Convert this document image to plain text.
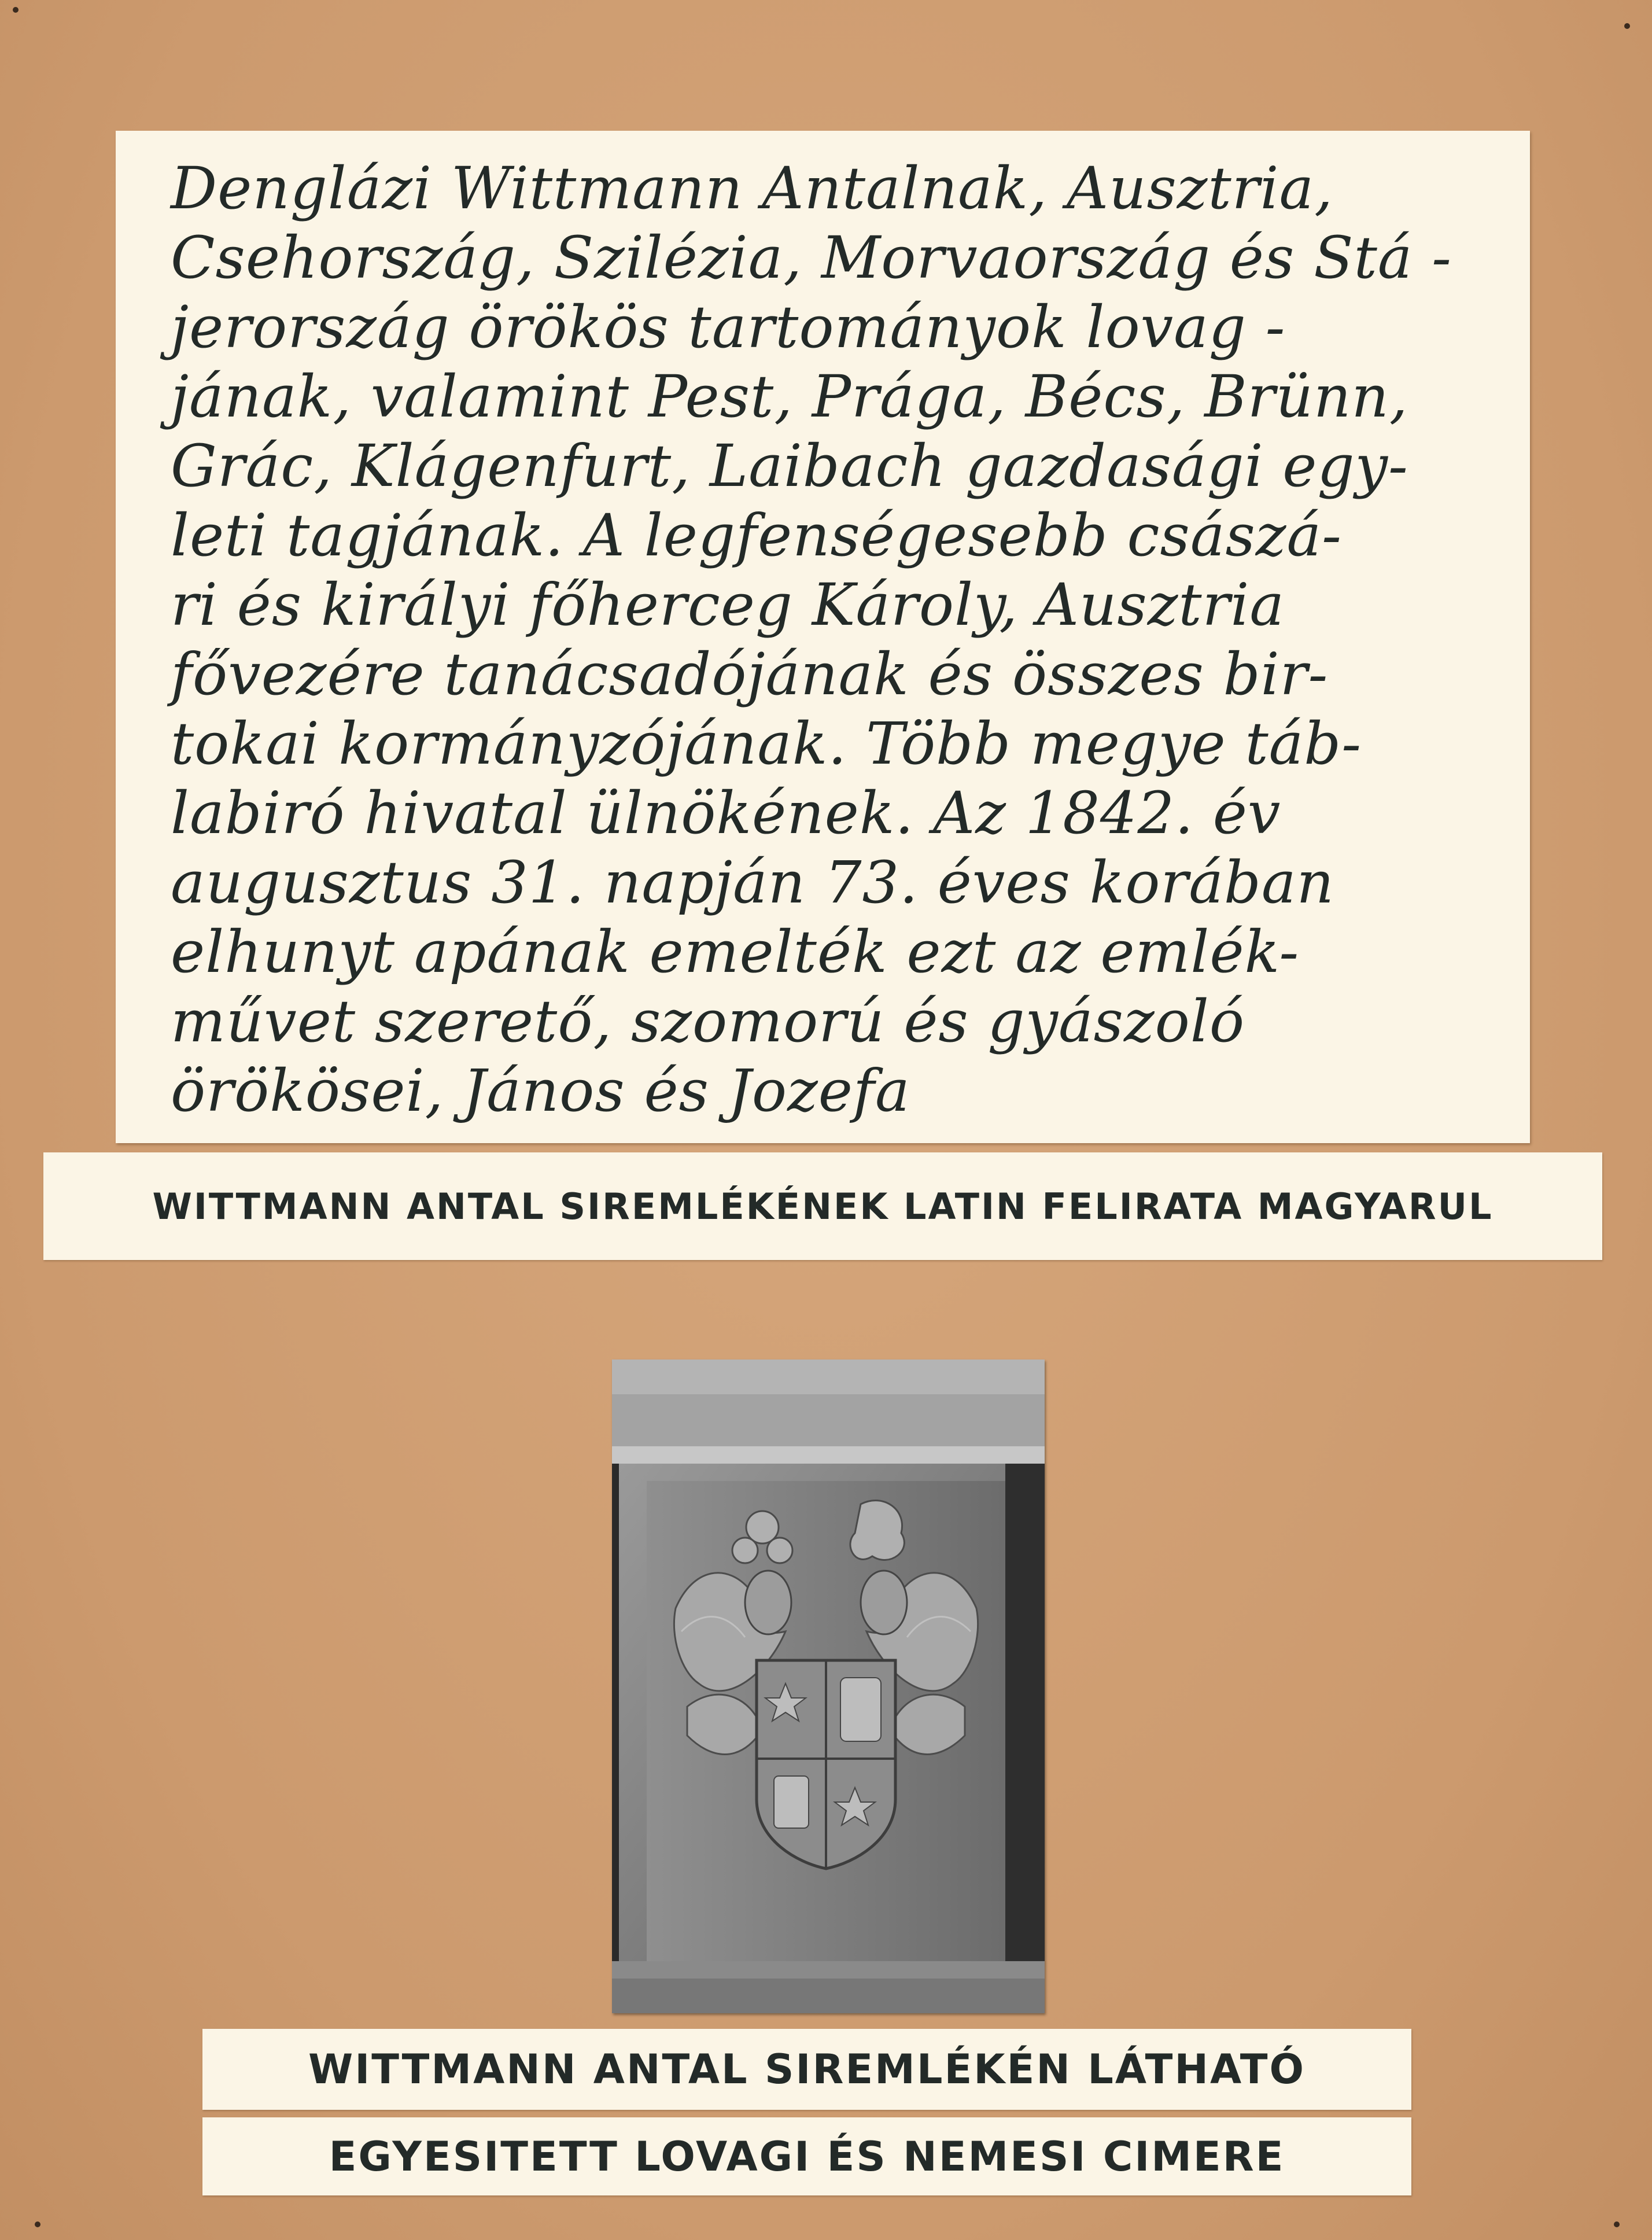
Denglázi Wittmann Antalnak, Ausztria,
Csehország, Szilézia, Morvaország és Stá -
jerország örökös tartományok lovag -
jának, valamint Pest, Prága, Bécs, Brünn,
Grác, Klágenfurt, Laibach gazdasági egy-
leti tagjának. A legfenségesebb császá-
ri és királyi főherceg Károly, Ausztria
fővezére tanácsadójának és összes bir-
tokai kormányzójának. Több megye táb-
labiró hivatal ülnökének. Az 1842. év
augusztus 31. napján 73. éves korában
elhunyt apának emelték ezt az emlék-
művet szerető, szomorú és gyászoló
örökösei, János és Jozefa
WITTMANN ANTAL SIREMLÉKÉNEK LATIN FELIRATA MAGYARUL
WITTMANN ANTAL SIREMLÉKÉN LÁTHATÓ
EGYESITETT LOVAGI ÉS NEMESI CIMERE
